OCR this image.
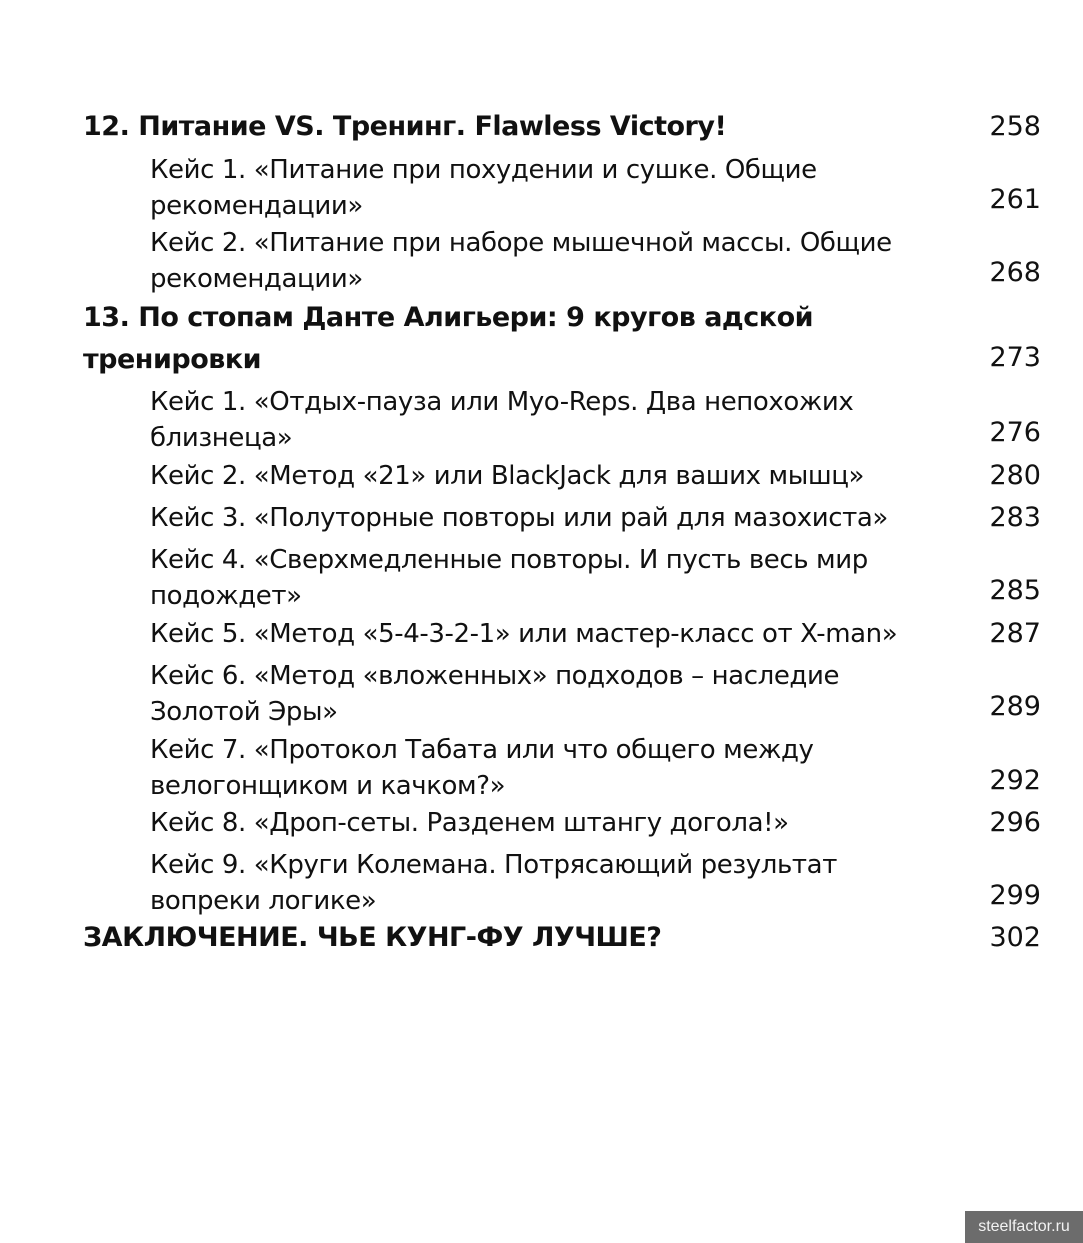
12. Питание VS. Тренинг. Flawless Victory!	258
Кейс 1. «Питание при похудении и сушке. Общие
рекомендации»	261
Кейс 2. «Питание при наборе мышечной массы. Общие
рекомендации»	268
13. По стопам Данте Алигьери: 9 кругов адской
тренировки	273
Кейс 1. «Отдых-пауза или Myo-Reps. Два непохожих
близнеца»	276
Кейс 2. «Метод «21» или BlackJack для ваших мышц»	280
Кейс 3. «Полуторные повторы или рай для мазохиста»	283
Кейс 4. «Сверхмедленные повторы. И пусть весь мир
подождет»	285
Кейс 5. «Метод «5-4-3-2-1» или мастер-класс от X-man»	287
Кейс 6. «Метод «вложенных» подходов – наследие
Золотой Эры»	289
Кейс 7. «Протокол Табата или что общего между
велогонщиком и качком?»	292
Кейс 8. «Дроп-сеты. Разденем штангу догола!»	296
Кейс 9. «Круги Колемана. Потрясающий результат
вопреки логике»	299
ЗАКЛЮЧЕНИЕ. ЧЬЕ КУНГ-ФУ ЛУЧШЕ?	302
steelfactor.ru
